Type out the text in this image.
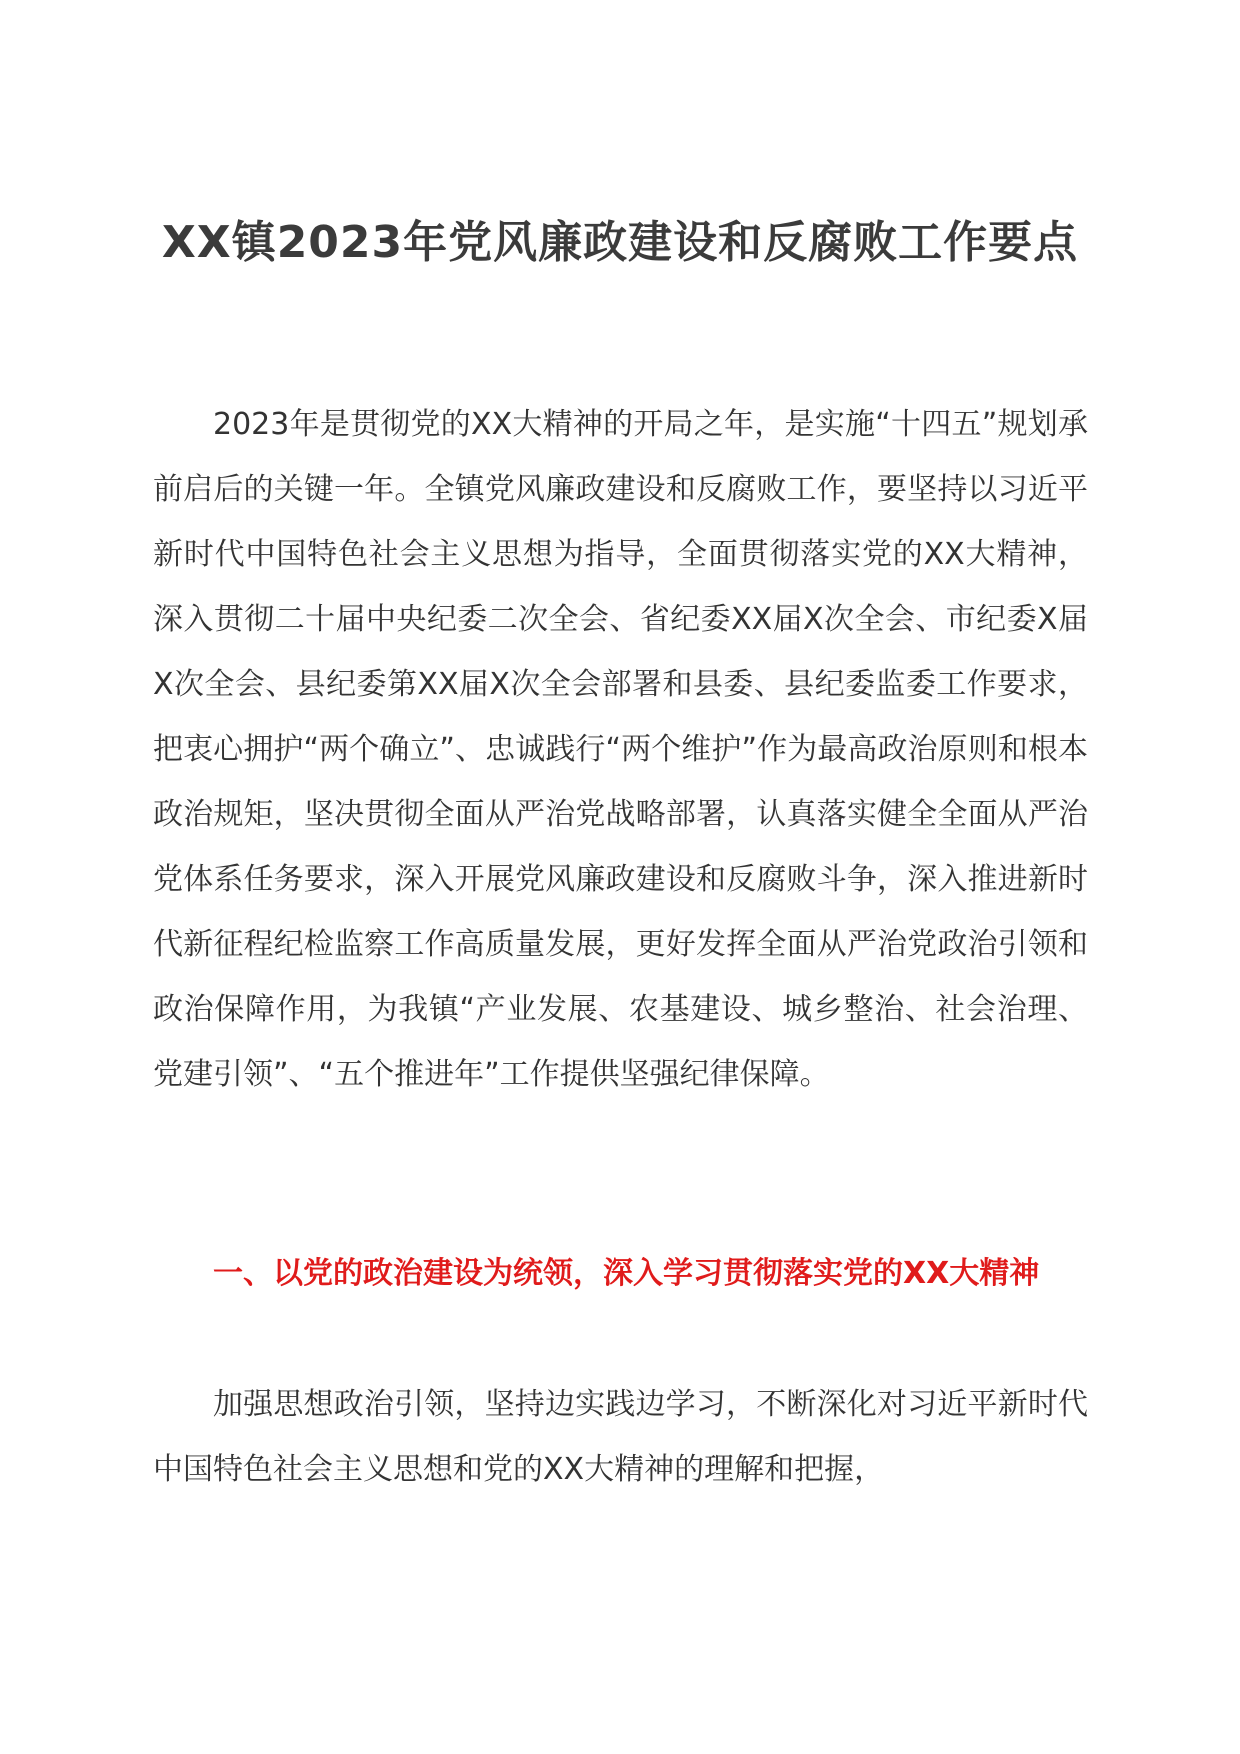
XX镇2023年党风廉政建设和反腐败工作要点

2023年是贯彻党的XX大精神的开局之年，是实施“十四五”规划承前启后的关键一年。全镇党风廉政建设和反腐败工作，要坚持以习近平新时代中国特色社会主义思想为指导，全面贯彻落实党的XX大精神，深入贯彻二十届中央纪委二次全会、省纪委XX届X次全会、市纪委X届X次全会、县纪委第XX届X次全会部署和县委、县纪委监委工作要求，把衷心拥护“两个确立”、忠诚践行“两个维护”作为最高政治原则和根本政治规矩，坚决贯彻全面从严治党战略部署，认真落实健全全面从严治党体系任务要求，深入开展党风廉政建设和反腐败斗争，深入推进新时代新征程纪检监察工作高质量发展，更好发挥全面从严治党政治引领和政治保障作用，为我镇“产业发展、农基建设、城乡整治、社会治理、党建引领”、“五个推进年”工作提供坚强纪律保障。

一、以党的政治建设为统领，深入学习贯彻落实党的XX大精神

加强思想政治引领，坚持边实践边学习，不断深化对习近平新时代中国特色社会主义思想和党的XX大精神的理解和把握，
